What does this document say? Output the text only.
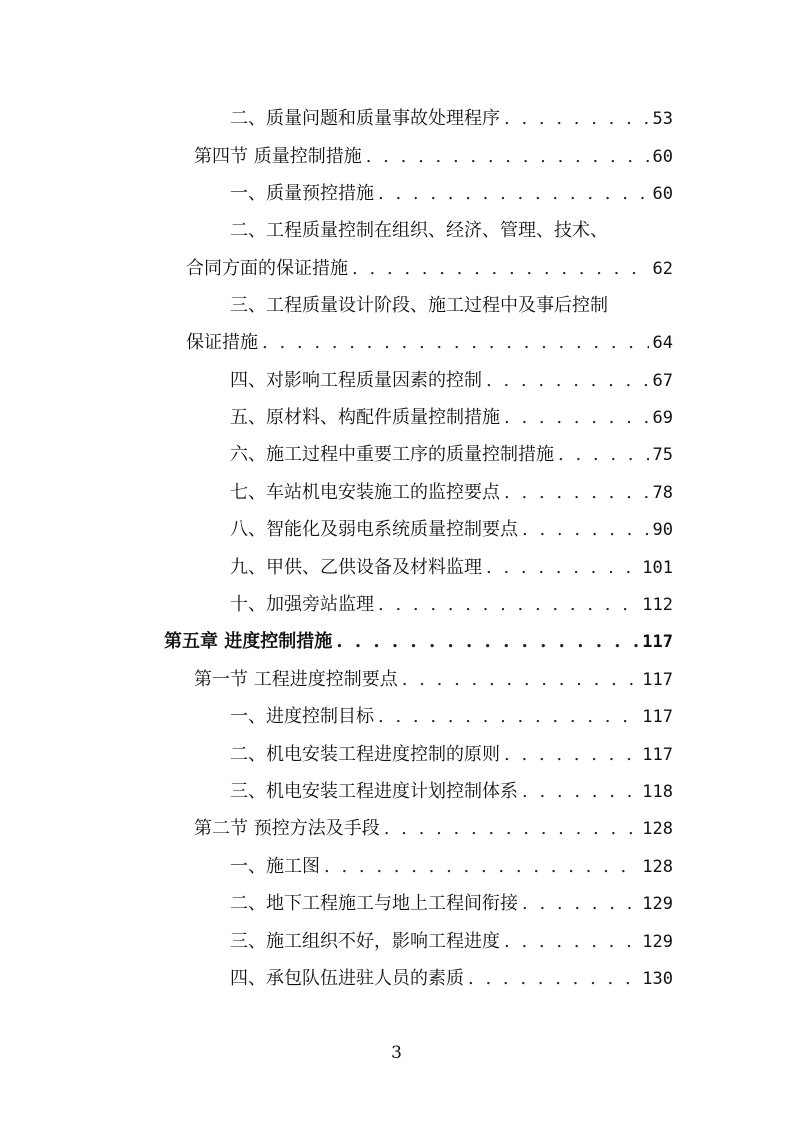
二、质量问题和质量事故处理程序 . . .	53
第四节 质量控制措施 . . .	60
一、质量预控措施 . . .	60
二、工程质量控制在组织、经济、管理、技术、
合同方面的保证措施 . . .	62
三、工程质量设计阶段、施工过程中及事后控制
保证措施 . . .	64
四、对影响工程质量因素的控制 . . .	67
五、原材料、构配件质量控制措施 . . .	69
六、施工过程中重要工序的质量控制措施 . . .	75
七、车站机电安装施工的监控要点 . . .	78
八、智能化及弱电系统质量控制要点 . . .	90
九、甲供、乙供设备及材料监理 . . .	101
十、加强旁站监理 . . .	112
第五章 进度控制措施 . . .	117
第一节 工程进度控制要点 . . .	117
一、进度控制目标 . . .	117
二、机电安装工程进度控制的原则 . . .	117
三、机电安装工程进度计划控制体系 . . .	118
第二节 预控方法及手段 . . .	128
一、施工图 . . .	128
二、地下工程施工与地上工程间衔接 . . .	129
三、施工组织不好，影响工程进度 . . .	129
四、承包队伍进驻人员的素质 . . .	130
3
